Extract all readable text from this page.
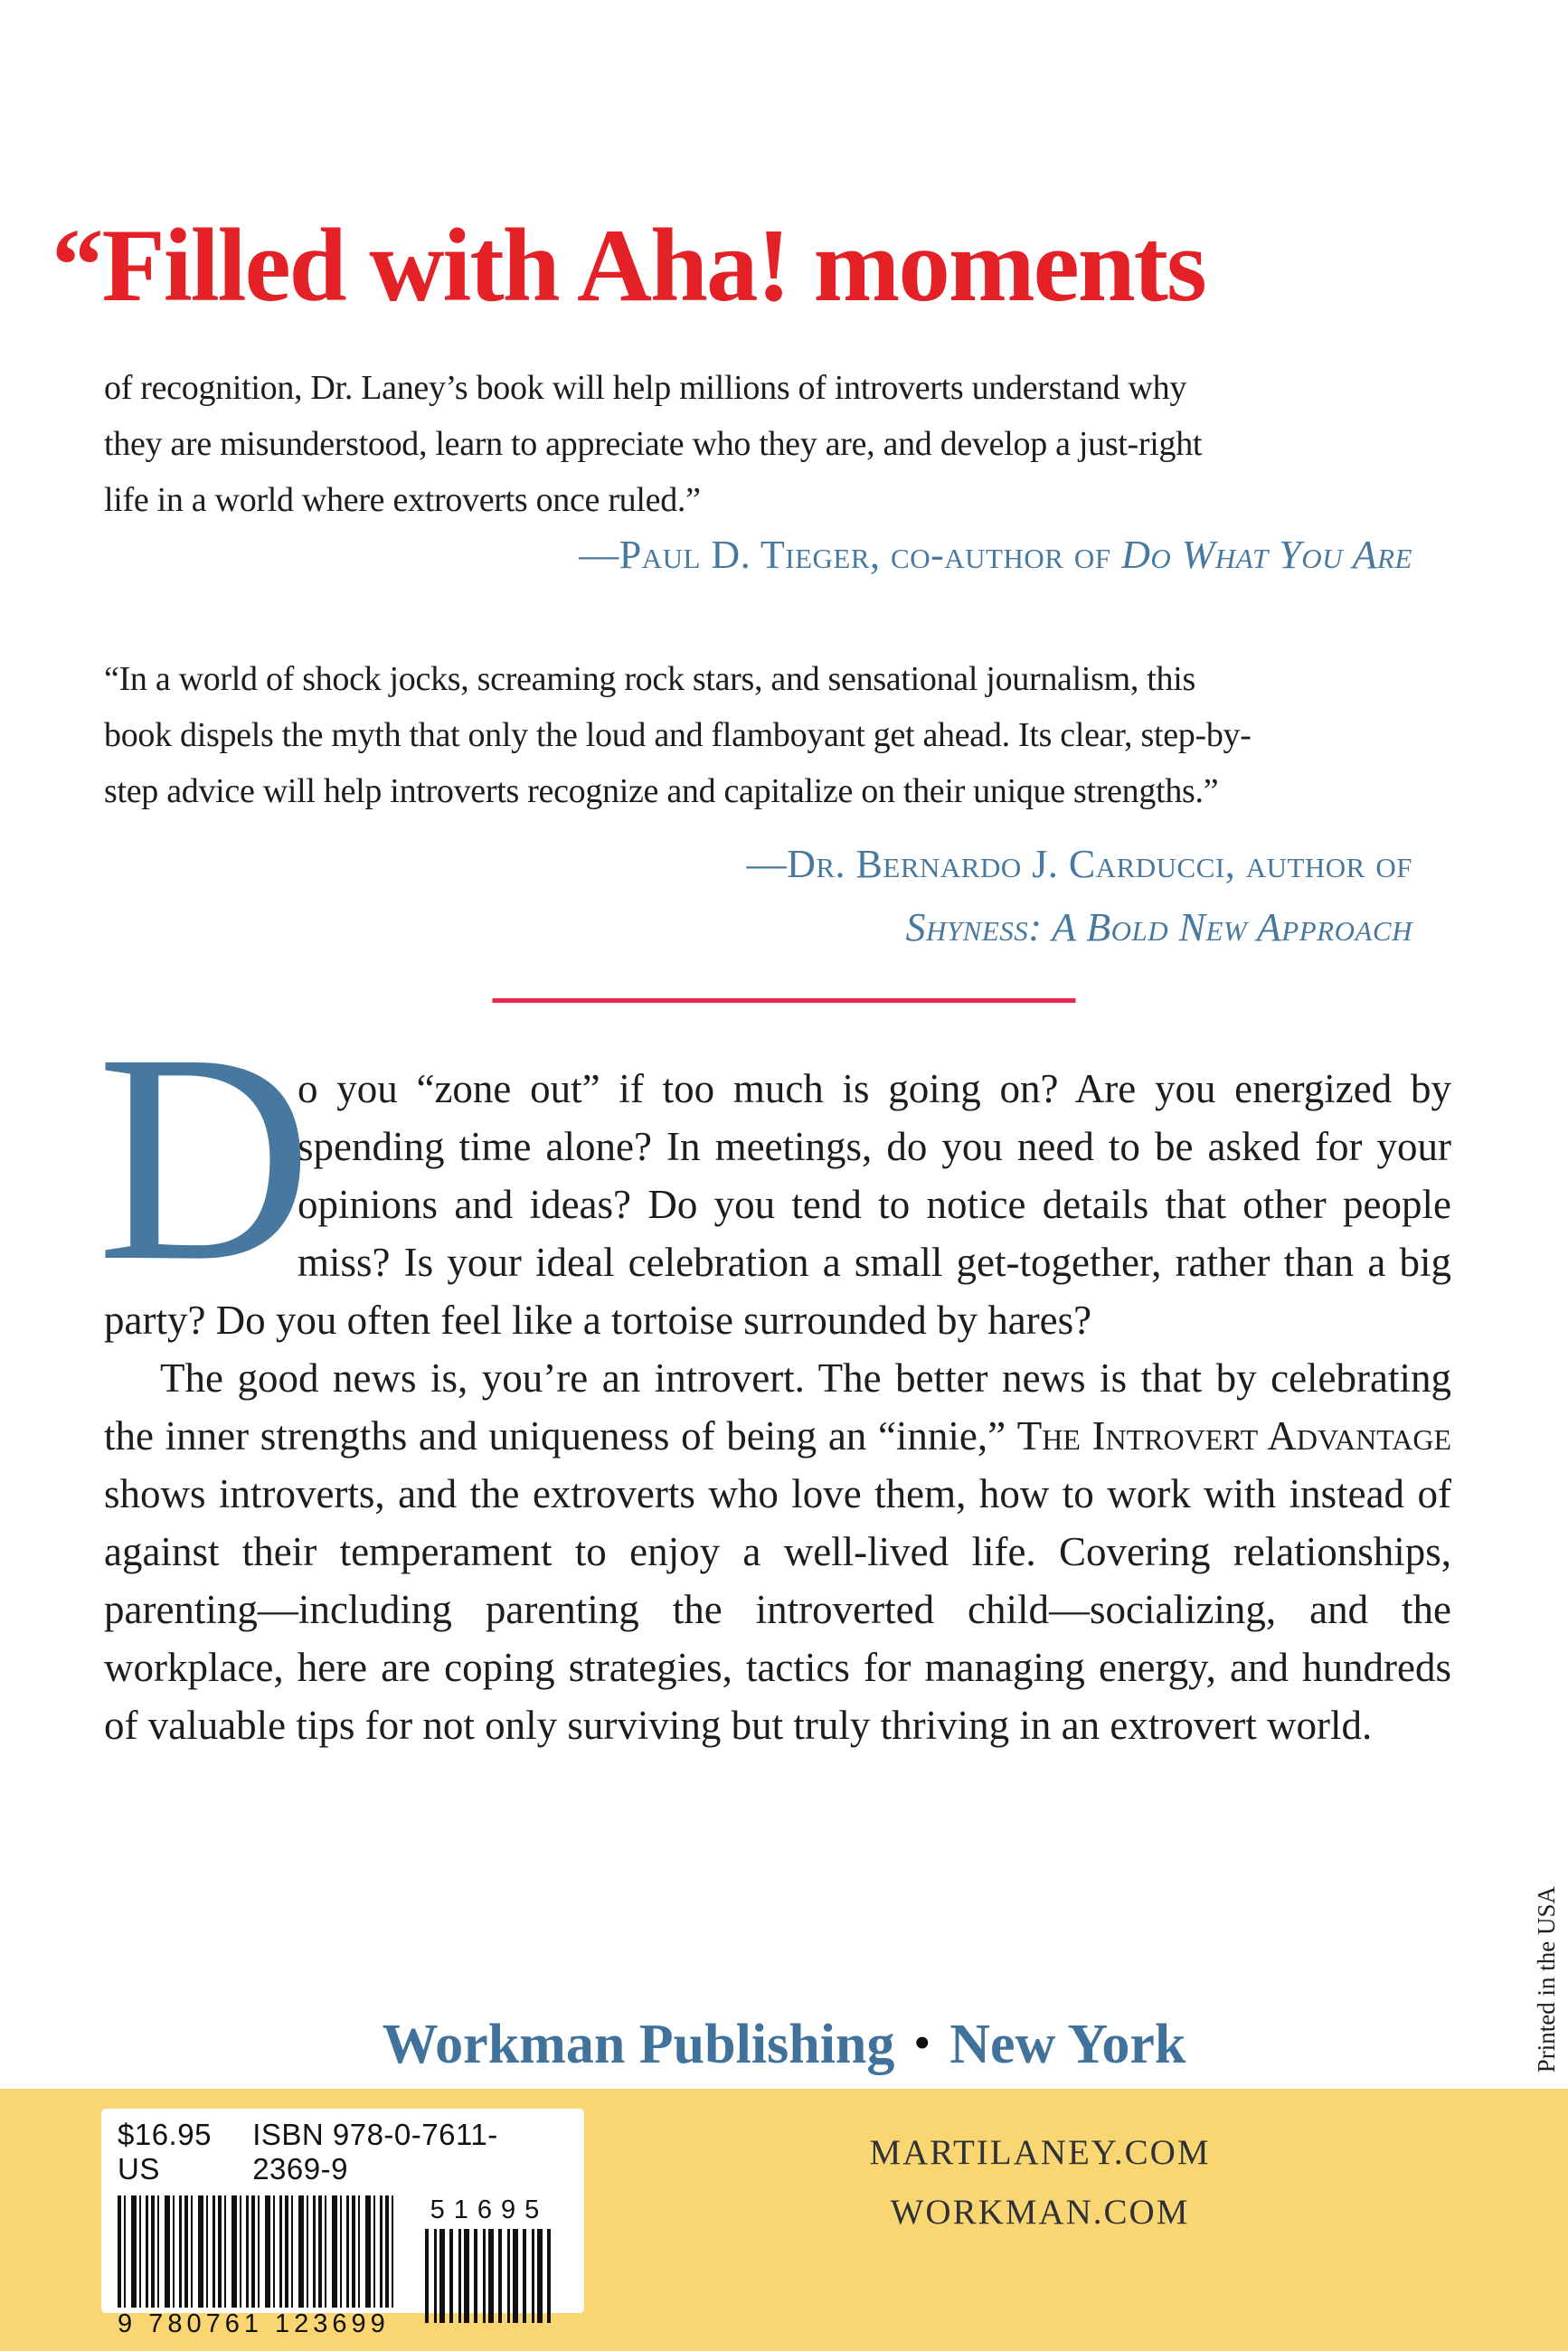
“Filled with Aha! moments
of recognition, Dr. Laney’s book will help millions of introverts understand why
they are misunderstood, learn to appreciate who they are, and develop a just-right
life in a world where extroverts once ruled.”
—Paul D. Tieger, co-author of Do What You Are
“In a world of shock jocks, screaming rock stars, and sensational journalism, this
book dispels the myth that only the loud and flamboyant get ahead. Its clear, step-by-
step advice will help introverts recognize and capitalize on their unique strengths.”
—Dr. Bernardo J. Carducci, author of
Shyness: A Bold New Approach

D
o you “zone out” if too much is going on? Are you energized by spending time alone? In meetings, do you need to be asked for your opinions and ideas? Do you tend to notice details that other people miss? Is your ideal celebration a small get-together, rather than a big party? Do you often feel like a tortoise surrounded by hares?

The good news is, you’re an introvert. The better news is that by celebrating the inner strengths and uniqueness of being an “innie,” The Introvert Advantage shows introverts, and the extroverts who love them, how to work with instead of against their temperament to enjoy a well-lived life. Covering relationships, parenting—including parenting the introverted child—socializing, and the workplace, here are coping strategies, tactics for managing energy, and hundreds of valuable tips for not only surviving but truly thriving in an extrovert world.

Workman Publishing • New York	Printed in the USA
$16.95 US
ISBN 978-0-7611-2369-9
9 780761 123699
51695
MARTILANEY.COM
WORKMAN.COM
